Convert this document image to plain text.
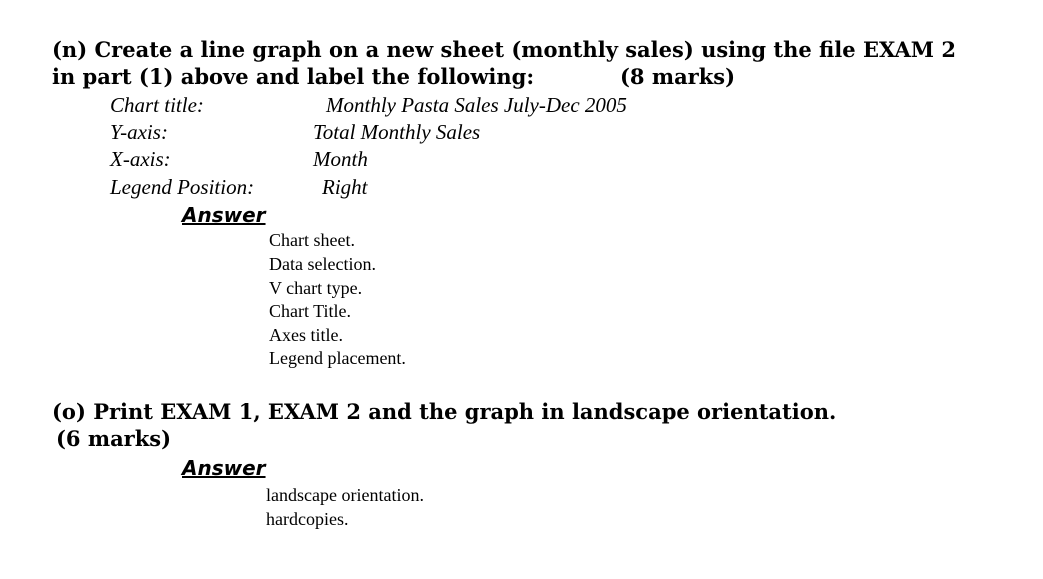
(n) Create a line graph on a new sheet (monthly sales) using the file EXAM 2
in part (1) above and label the following:	(8 marks)
Chart title:	Monthly Pasta Sales July-Dec 2005
Y-axis:	Total Monthly Sales
X-axis:	Month
Legend Position:	Right
Answer
Chart sheet.
Data selection.
V chart type.
Chart Title.
Axes title.
Legend placement.
(o) Print EXAM 1, EXAM 2 and the graph in landscape orientation.
(6 marks)
Answer
landscape orientation.
hardcopies.
